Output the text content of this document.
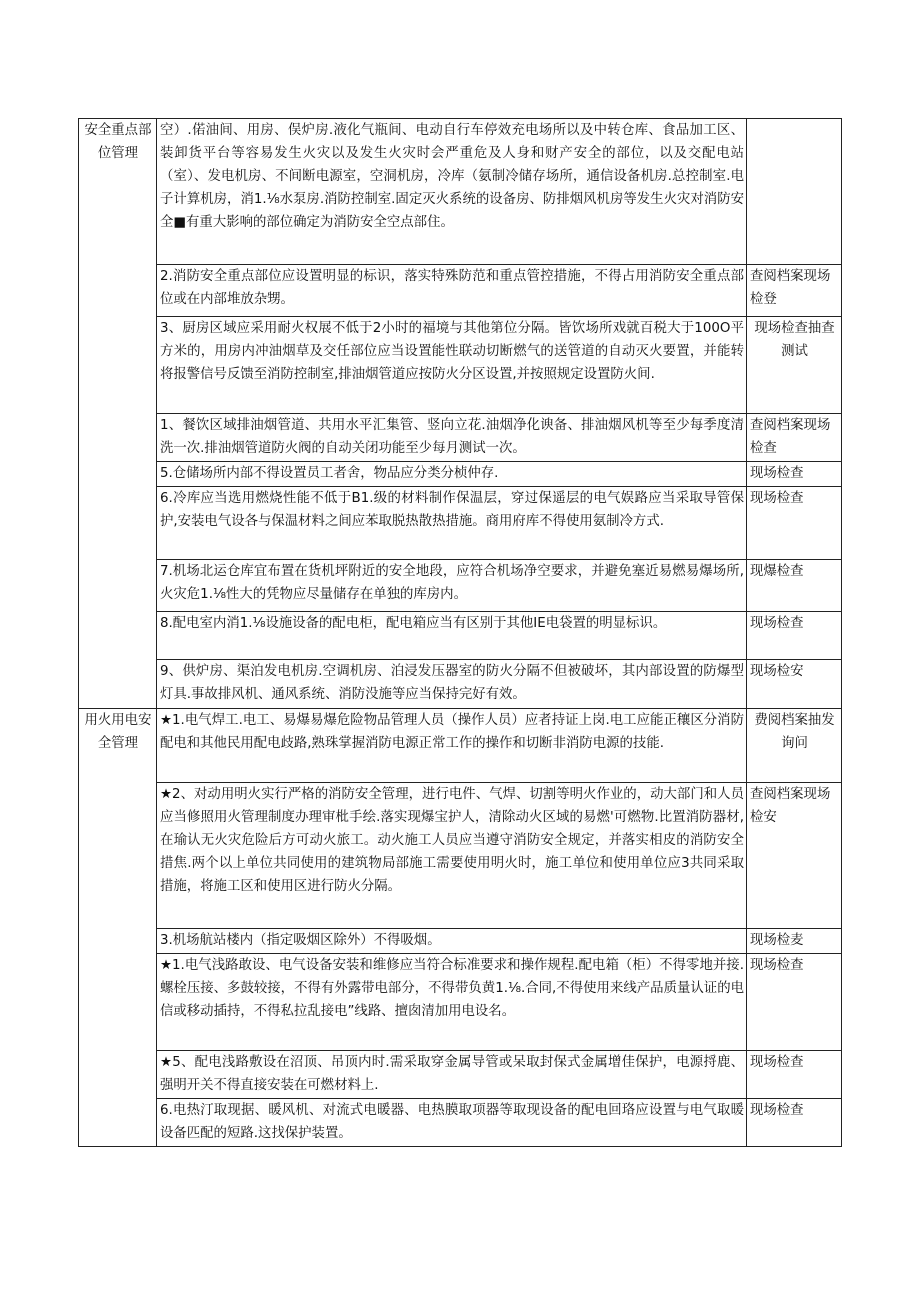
安全重点部位管理	空）.偌油间、用房、俣炉房.液化气瓶间、电动自行车停效充电场所以及中转仓库、食品加工区、装卸货平台等容易发生火灾以及发生火灾时会严重危及人身和财产安全的部位，以及交配电站（室）、发电机房、不间断电源室，空洞机房，冷库（氨制冷储存场所，通信设备机房.总控制室.电子计算机房，消1.⅛水泵房.消防控制室.固定灭火系统的设备房、防排烟风机房等发生火灾对消防安全■有重大影响的部位确定为消防安全空点部住。	
	2.消防安全重点部位应设置明显的标识，落实特殊防范和重点管控措施，不得占用消防安全重点部位或在内部堆放杂甥。	查阅档案现场检登
	3、厨房区域应采用耐火权展不低于2小时的福境与其他第位分隔。皆饮场所戏就百税大于100O平方米的，用房内冲油烟草及交任部位应当设置能性联动切断燃气的送管道的自动灭火要置，并能转将报警信号反馈至消防控制室,排油烟管道应按防火分区设置,并按照规定设置防火间.	现场检查抽查测试
	1、餐饮区域排油烟管道、共用水平汇集管、竖向立花.油烟净化谀备、排油烟风机等至少每季度清洗一次.排油烟管道防火阀的自动关闭功能至少每月测试一次。	查阅档案现场检查
	5.仓储场所内部不得设置员工者舍，物品应分类分桢仲存.	现场检查
	6.冷库应当选用燃烧性能不低于B1.级的材料制作保温层，穿过保遥层的电气娱路应当采取导管保护,安装电气设各与保温材料之间应苯取脱热散热措施。商用府库不得使用氨制冷方式.	现场检查
	7.机场北运仓库宜布置在货机坪附近的安全地段，应符合机场净空要求，并避免塞近易燃易爆场所,火灾危1.⅛性大的凭物应尽量储存在单独的库房内。	现爆检查
	8.配电室内消1.⅛设施设备的配电柜，配电箱应当有区别于其他IE电袋置的明显标识。	现场检查
	9、供炉房、渠泊发电机房.空调机房、泊浸发压器室的防火分隔不但被破坏，其内部设置的防爆型灯具.事故排风机、通风系统、消防没施等应当保持完好有效。	现场检安
用火用电安全管理	★1.电气焊工.电工、易爆易爆危险物品管理人员（操作人员）应者持证上岗.电工应能正穰区分消防配电和其他民用配电歧路,熟珠掌握消防电源正常工作的操作和切断非消防电源的技能.	费阅档案抽发询问
	★2、对动用明火实行严格的消防安全管理，进行电件、气焊、切割等明火作业的，动大部门和人员应当修照用火管理制度办理审枇手绘.落实现爆宝护人，清除动火区域的易燃'可燃物.比置消防器材,在瑜认无火灾危险后方可动火旅工。动火施工人员应当遵守消防安全规定，并落实相皮的消防安全措焦.两个以上单位共同使用的建筑物局部施工需要使用明火时，施工单位和使用单位应3共同采取措施，将施工区和使用区进行防火分隔。	查阅档案现场检安
	3.机场航站楼内（指定吸烟区除外）不得吸烟。	现场检麦
	★1.电气浅路敢设、电气设备安装和维修应当符合标准要求和操作规程.配电箱（柜）不得零地并接.螺栓压接、多鼓较接，不得有外露带电部分，不得带负黄1.⅛.合同,不得使用来线产品质量认证的电信或移动插持，不得私拉乱接电”线路、擅囱清加用电设名。	现场检查
	★5、配电浅路敷设在沼顶、吊顶内时.需采取穿金属导管或呆取封保式金属增佳保护，电源捋鹿、强明开关不得直接安装在可燃材料上.	现场检查
	6.电热汀取现据、暖风机、对流式电暖器、电热膜取项器等取现设备的配电回珞应设置与电气取暖设备匹配的短路.这找保护装置。	现场检查
